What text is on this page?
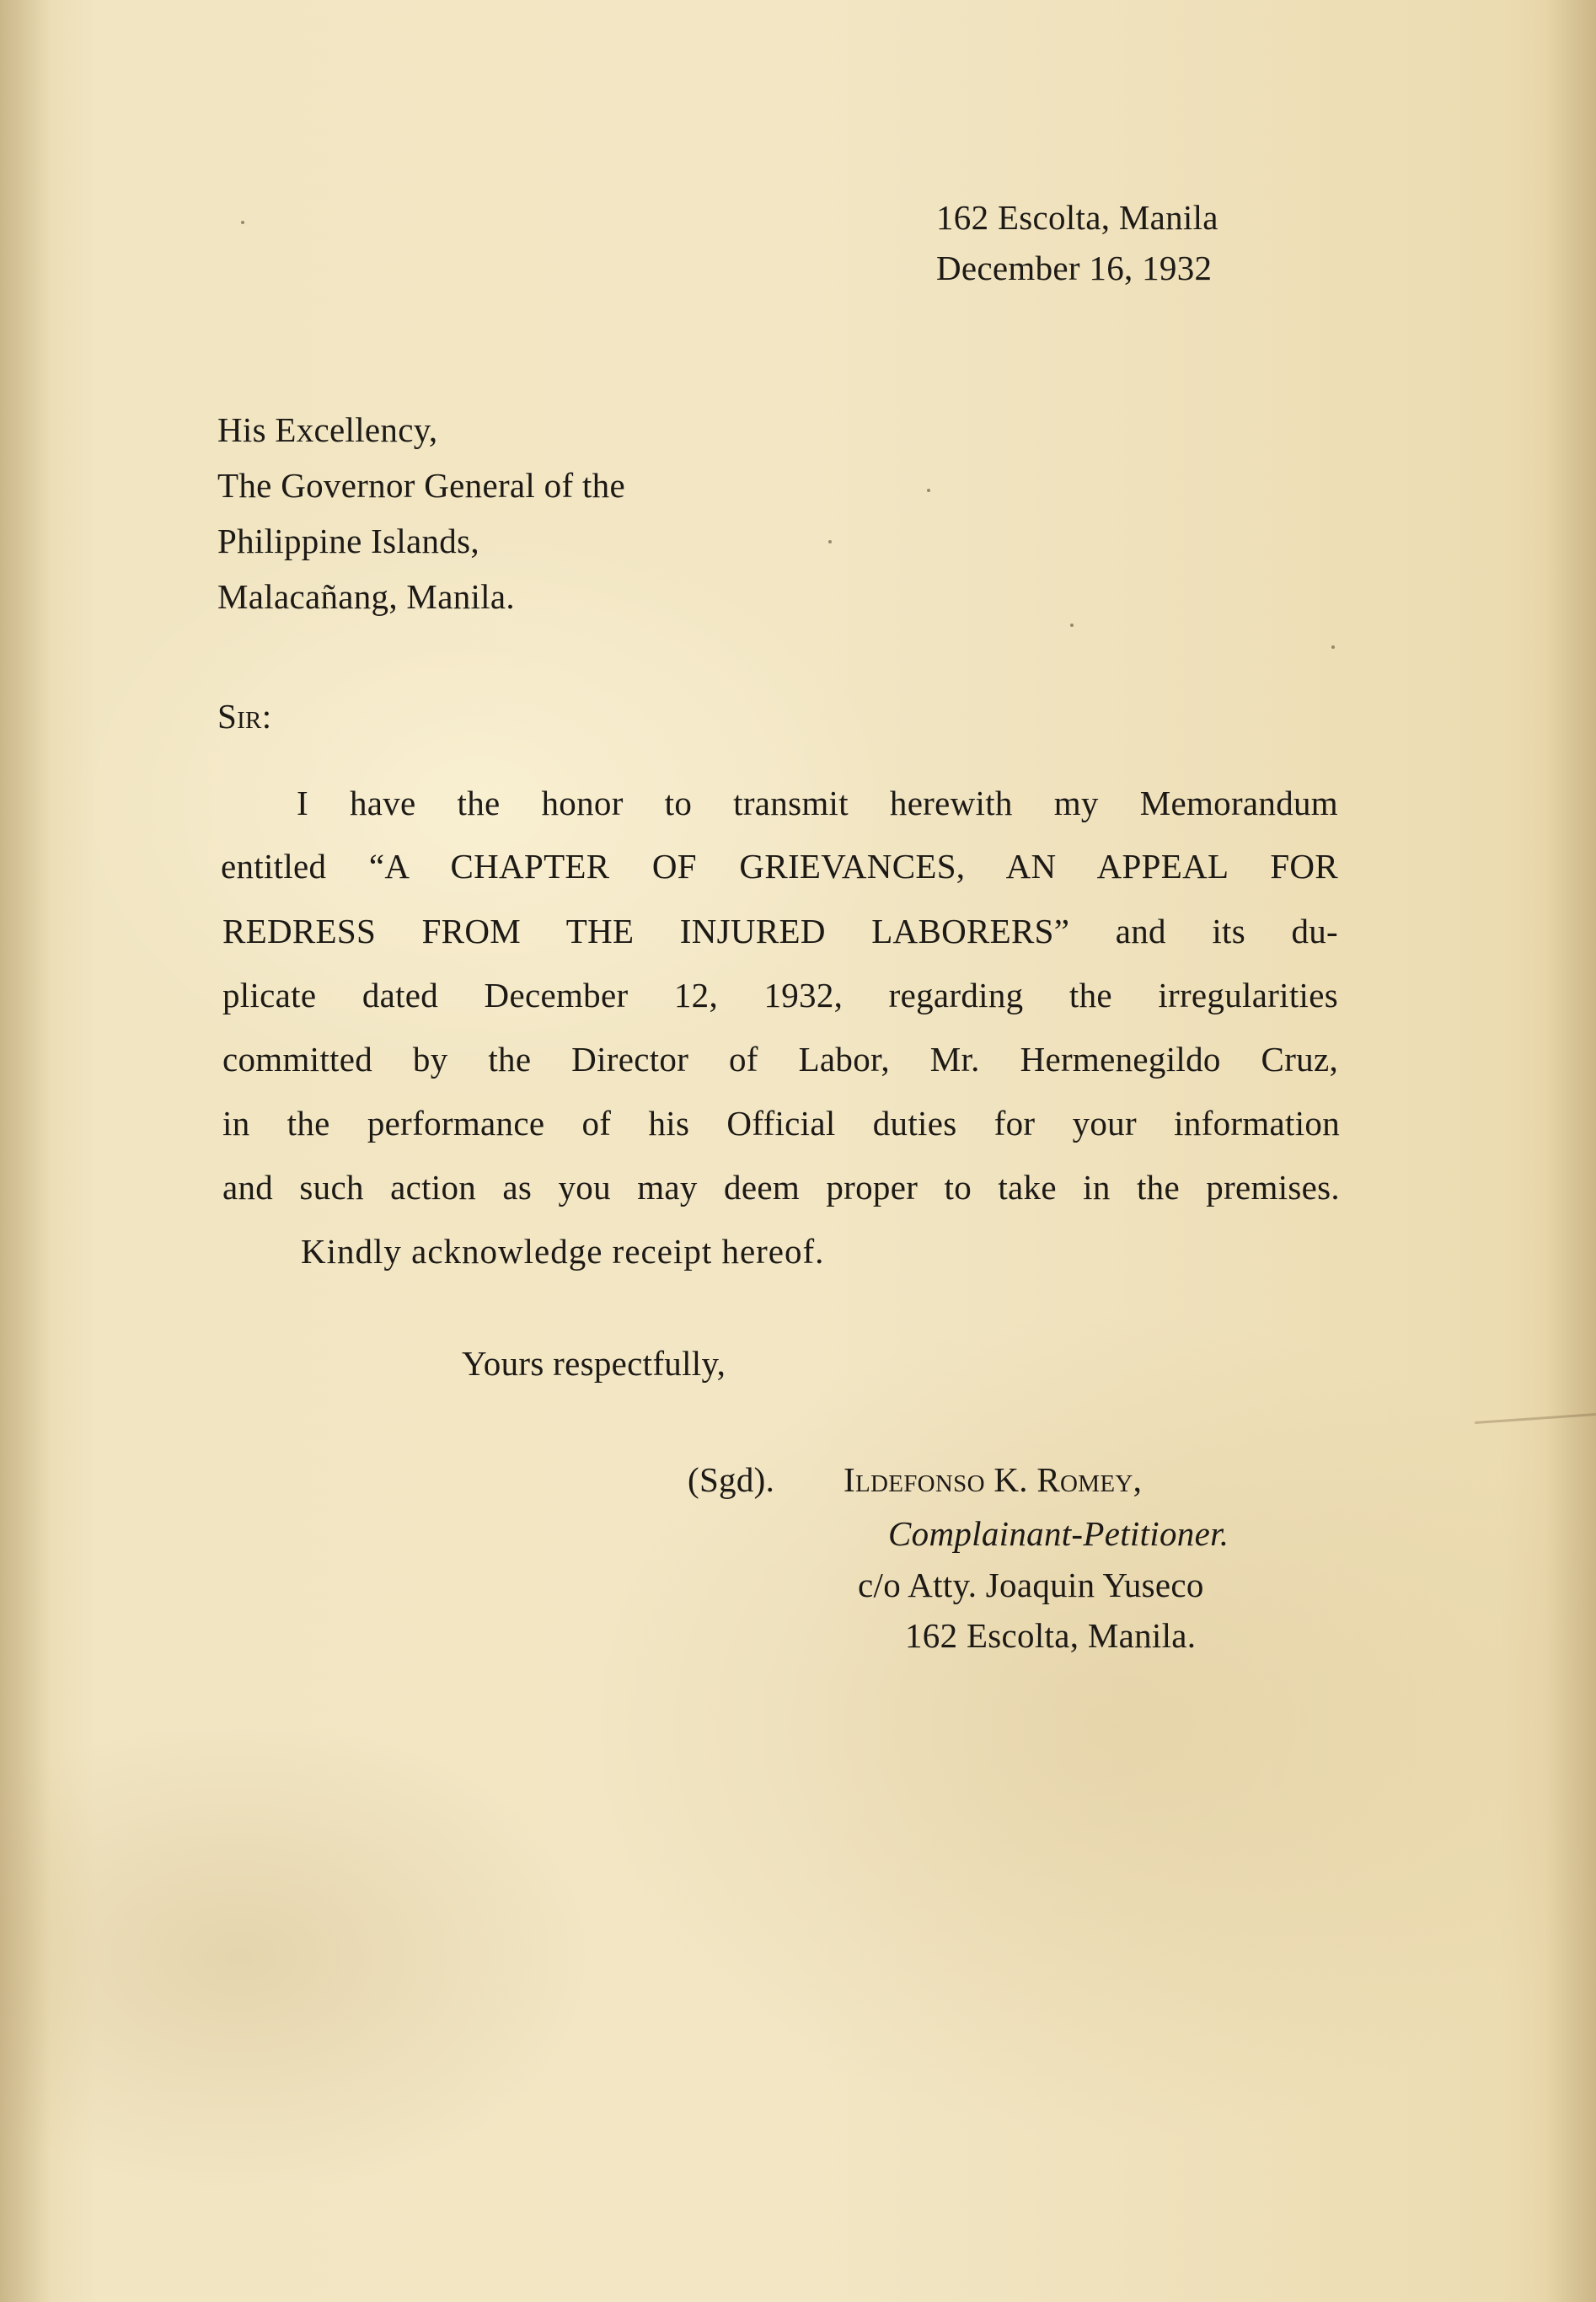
162 Escolta, Manila
December 16, 1932
His Excellency,
The Governor General of the
Philippine Islands,
Malacañang, Manila.
Sir:
I have the honor to transmit herewith my Memorandum
entitled “A CHAPTER OF GRIEVANCES, AN APPEAL FOR
REDRESS FROM THE INJURED LABORERS” and its du-
plicate dated December 12, 1932, regarding the irregularities
committed by the Director of Labor, Mr. Hermenegildo Cruz,
in the performance of his Official duties for your information
and such action as you may deem proper to take in the premises.
Kindly acknowledge receipt hereof.
Yours respectfully,
(Sgd). Ildefonso K. Romey,
Complainant-Petitioner.
c/o Atty. Joaquin Yuseco
162 Escolta, Manila.
